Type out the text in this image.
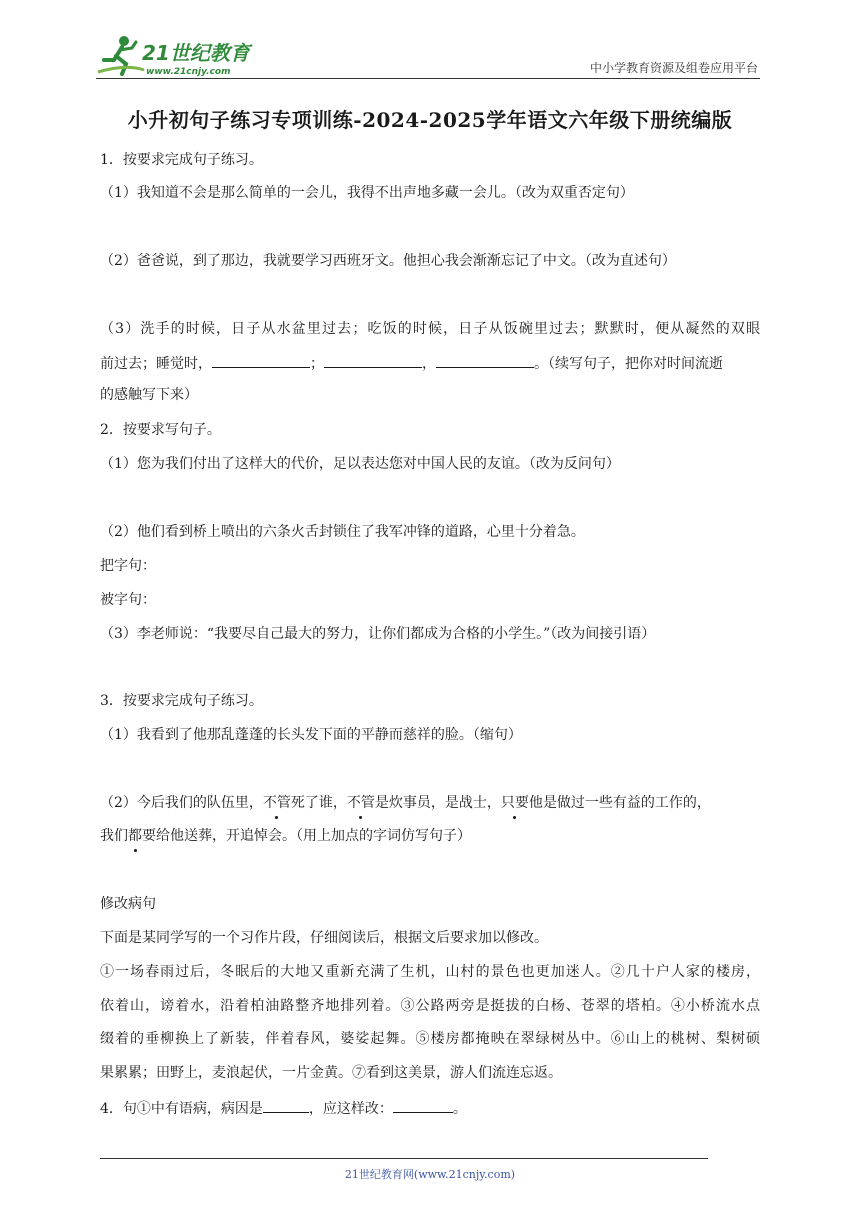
21世纪教育
www.21cnjy.com	中小学教育资源及组卷应用平台
小升初句子练习专项训练-2024-2025学年语文六年级下册统编版
1．按要求完成句子练习。
（1）我知道不会是那么简单的一会儿，我得不出声地多藏一会儿。（改为双重否定句）
（2）爸爸说，到了那边，我就要学习西班牙文。他担心我会渐渐忘记了中文。（改为直述句）
（3）洗手的时候，日子从水盆里过去；吃饭的时候，日子从饭碗里过去；默默时，便从凝然的双眼
前过去；睡觉时，	；	，	。（续写句子，把你对时间流逝
的感触写下来）
2．按要求写句子。
（1）您为我们付出了这样大的代价，足以表达您对中国人民的友谊。（改为反问句）
（2）他们看到桥上喷出的六条火舌封锁住了我军冲锋的道路，心里十分着急。
把字句：
被字句：
（3）李老师说：“我要尽自己最大的努力，让你们都成为合格的小学生。”（改为间接引语）
3．按要求完成句子练习。
（1）我看到了他那乱蓬蓬的长头发下面的平静而慈祥的脸。（缩句）
（2）今后我们的队伍里，不管死了谁，不管是炊事员，是战士，只要他是做过一些有益的工作的，
我们都要给他送葬，开追悼会。（用上加点的字词仿写句子）
修改病句
下面是某同学写的一个习作片段，仔细阅读后，根据文后要求加以修改。
①一场春雨过后，冬眠后的大地又重新充满了生机，山村的景色也更加迷人。②几十户人家的楼房，
依着山，谤着水，沿着柏油路整齐地排列着。③公路两旁是挺拔的白杨、苍翠的塔柏。④小桥流水点
缀着的垂柳换上了新装，伴着春风，婆娑起舞。⑤楼房都掩映在翠绿树丛中。⑥山上的桃树、梨树硕
果累累；田野上，麦浪起伏，一片金黄。⑦看到这美景，游人们流连忘返。
4．句①中有语病，病因是	，应这样改：	。
21世纪教育网(www.21cnjy.com)
